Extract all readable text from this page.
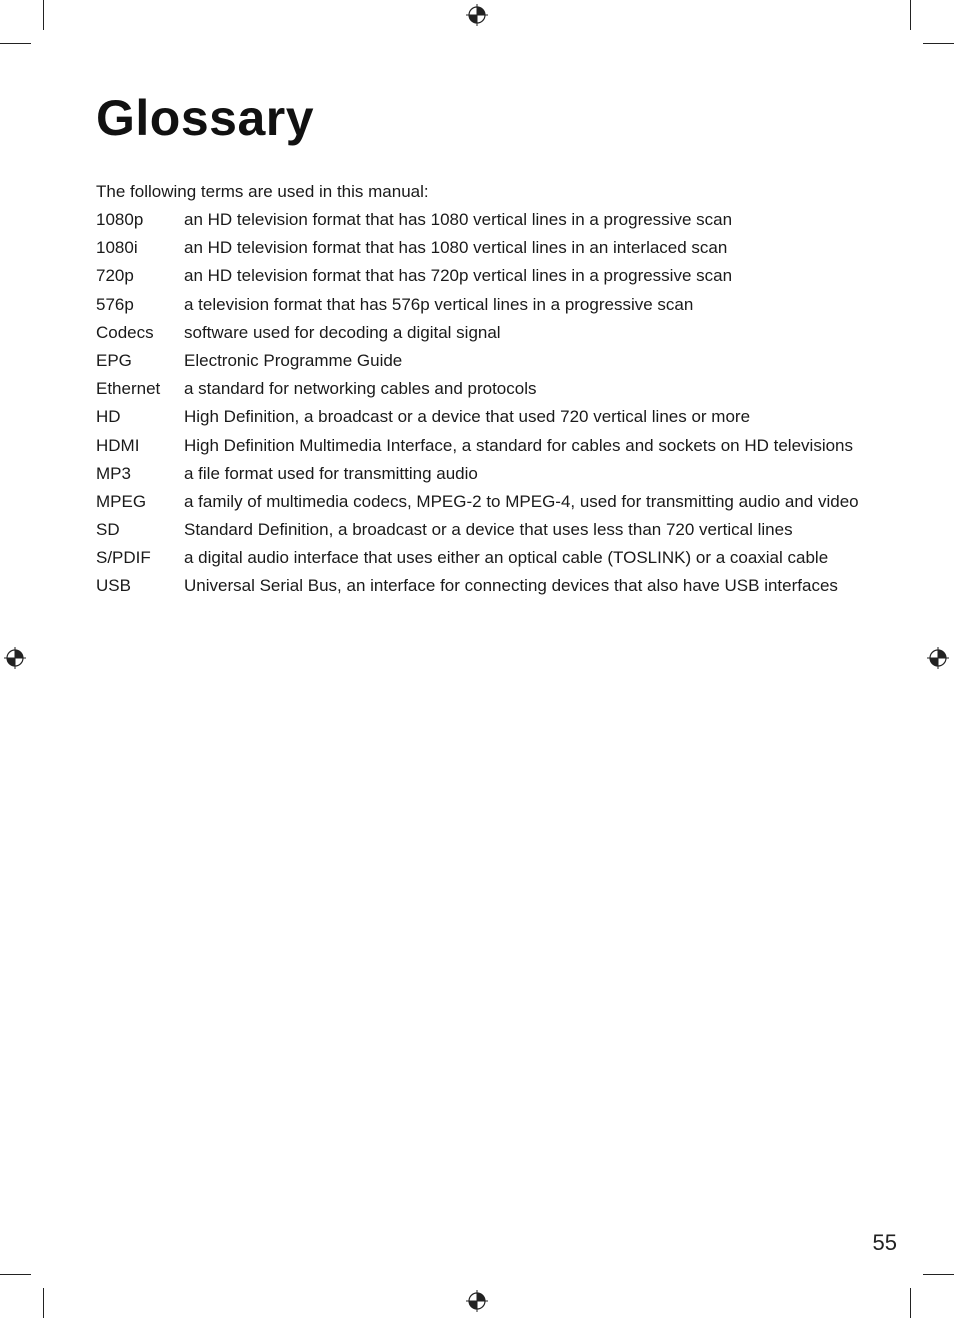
Glossary

The following terms are used in this manual:

1080p	an HD television format that has 1080 vertical lines in a progressive scan
1080i	an HD television format that has 1080 vertical lines in an interlaced scan
720p	an HD television format that has 720p vertical lines in a progressive scan
576p	a television format that has 576p vertical lines in a progressive scan
Codecs	software used for decoding a digital signal
EPG	Electronic Programme Guide
Ethernet	a standard for networking cables and protocols
HD	High Definition, a broadcast or a device that used 720 vertical lines or more
HDMI	High Definition Multimedia Interface, a standard for cables and sockets on HD televisions
MP3	a file format used for transmitting audio
MPEG	a family of multimedia codecs, MPEG-2 to MPEG-4, used for transmitting audio and video
SD	Standard Definition, a broadcast or a device that uses less than 720 vertical lines
S/PDIF	a digital audio interface that uses either an optical cable (TOSLINK) or a coaxial cable
USB	Universal Serial Bus, an interface for connecting devices that also have USB interfaces
55
